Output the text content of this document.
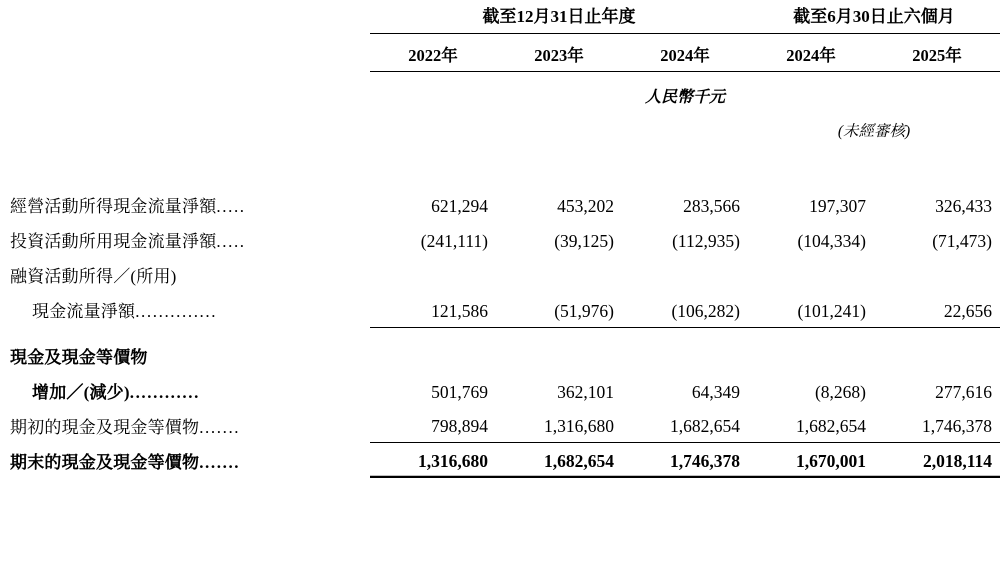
	截至12月31日止年度			截至6月30日止六個月	
	2022年	2023年	2024年	2024年	2025年
			人民幣千元		
				(未經審核)	

經營活動所得現金流量淨額.....	621,294	453,202	283,566	197,307	326,433
投資活動所用現金流量淨額.....	(241,111)	(39,125)	(112,935)	(104,334)	(71,473)
融資活動所得／(所用)					
現金流量淨額..............	121,586	(51,976)	(106,282)	(101,241)	22,656

現金及現金等價物					
增加／(減少)............	501,769	362,101	64,349	(8,268)	277,616
期初的現金及現金等價物.......	798,894	1,316,680	1,682,654	1,682,654	1,746,378
期末的現金及現金等價物.......	1,316,680	1,682,654	1,746,378	1,670,001	2,018,114
